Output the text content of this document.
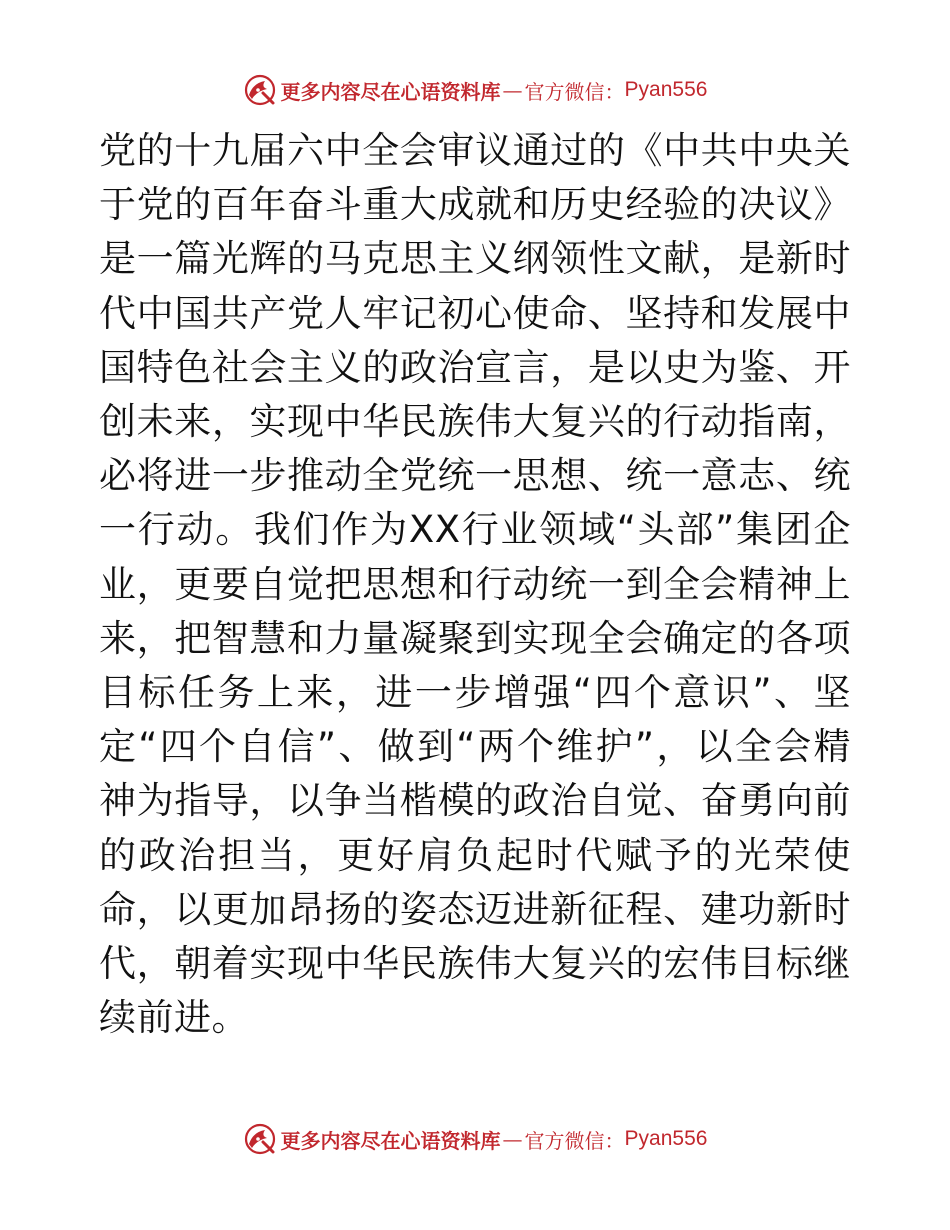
更多内容尽在心语资料库 — 官方微信： Pyan556

党的十九届六中全会审议通过的《中共中央关于党的百年奋斗重大成就和历史经验的决议》是一篇光辉的马克思主义纲领性文献，是新时代中国共产党人牢记初心使命、坚持和发展中国特色社会主义的政治宣言，是以史为鉴、开创未来，实现中华民族伟大复兴的行动指南，必将进一步推动全党统一思想、统一意志、统一行动。我们作为XX行业领域“头部”集团企业，更要自觉把思想和行动统一到全会精神上来，把智慧和力量凝聚到实现全会确定的各项目标任务上来，进一步增强“四个意识”、坚定“四个自信”、做到“两个维护”，以全会精神为指导，以争当楷模的政治自觉、奋勇向前的政治担当，更好肩负起时代赋予的光荣使命，以更加昂扬的姿态迈进新征程、建功新时代，朝着实现中华民族伟大复兴的宏伟目标继续前进。

更多内容尽在心语资料库 — 官方微信： Pyan556
